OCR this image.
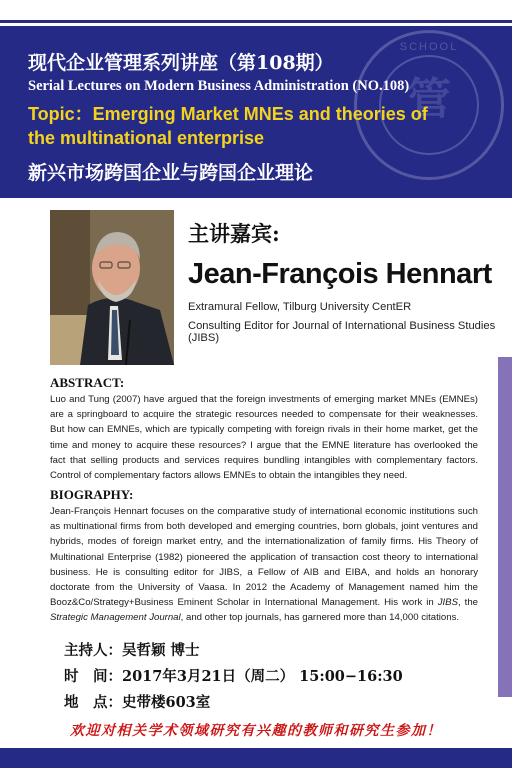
SCHOOL
管
现代企业管理系列讲座（第108期）
Serial Lectures on Modern Business Administration (NO.108)
Topic：Emerging Market MNEs and theories of
the multinational enterprise
新兴市场跨国企业与跨国企业理论
主讲嘉宾:
Jean-François Hennart
Extramural Fellow, Tilburg University CentER
Consulting Editor for Journal of International Business Studies (JIBS)
ABSTRACT:
Luo and Tung (2007) have argued that the foreign investments of emerging market MNEs (EMNEs) are a springboard to acquire the strategic resources needed to compensate for their weaknesses. But how can EMNEs, which are typically competing with foreign rivals in their home market, get the time and money to acquire these resources? I argue that the EMNE literature has overlooked the fact that selling products and services requires bundling intangibles with complementary factors. Control of complementary factors allows EMNEs to obtain the intangibles they need.
BIOGRAPHY:
Jean-François Hennart focuses on the comparative study of international economic institutions such as multinational firms from both developed and emerging countries, born globals, joint ventures and hybrids, modes of foreign market entry, and the internationalization of family firms. His Theory of Multinational Enterprise (1982) pioneered the application of transaction cost theory to international business. He is consulting editor for JIBS, a Fellow of AIB and EIBA, and holds an honorary doctorate from the University of Vaasa. In 2012 the Academy of Management named him the Booz&Co/Strategy+Business Eminent Scholar in International Management. His work in JIBS, the Strategic Management Journal, and other top journals, has garnered more than 14,000 citations.
主持人：吴哲颖 博士
时　间：2017年3月21日（周二） 15:00−16:30
地　点：史带楼603室
欢迎对相关学术领域研究有兴趣的教师和研究生参加！
